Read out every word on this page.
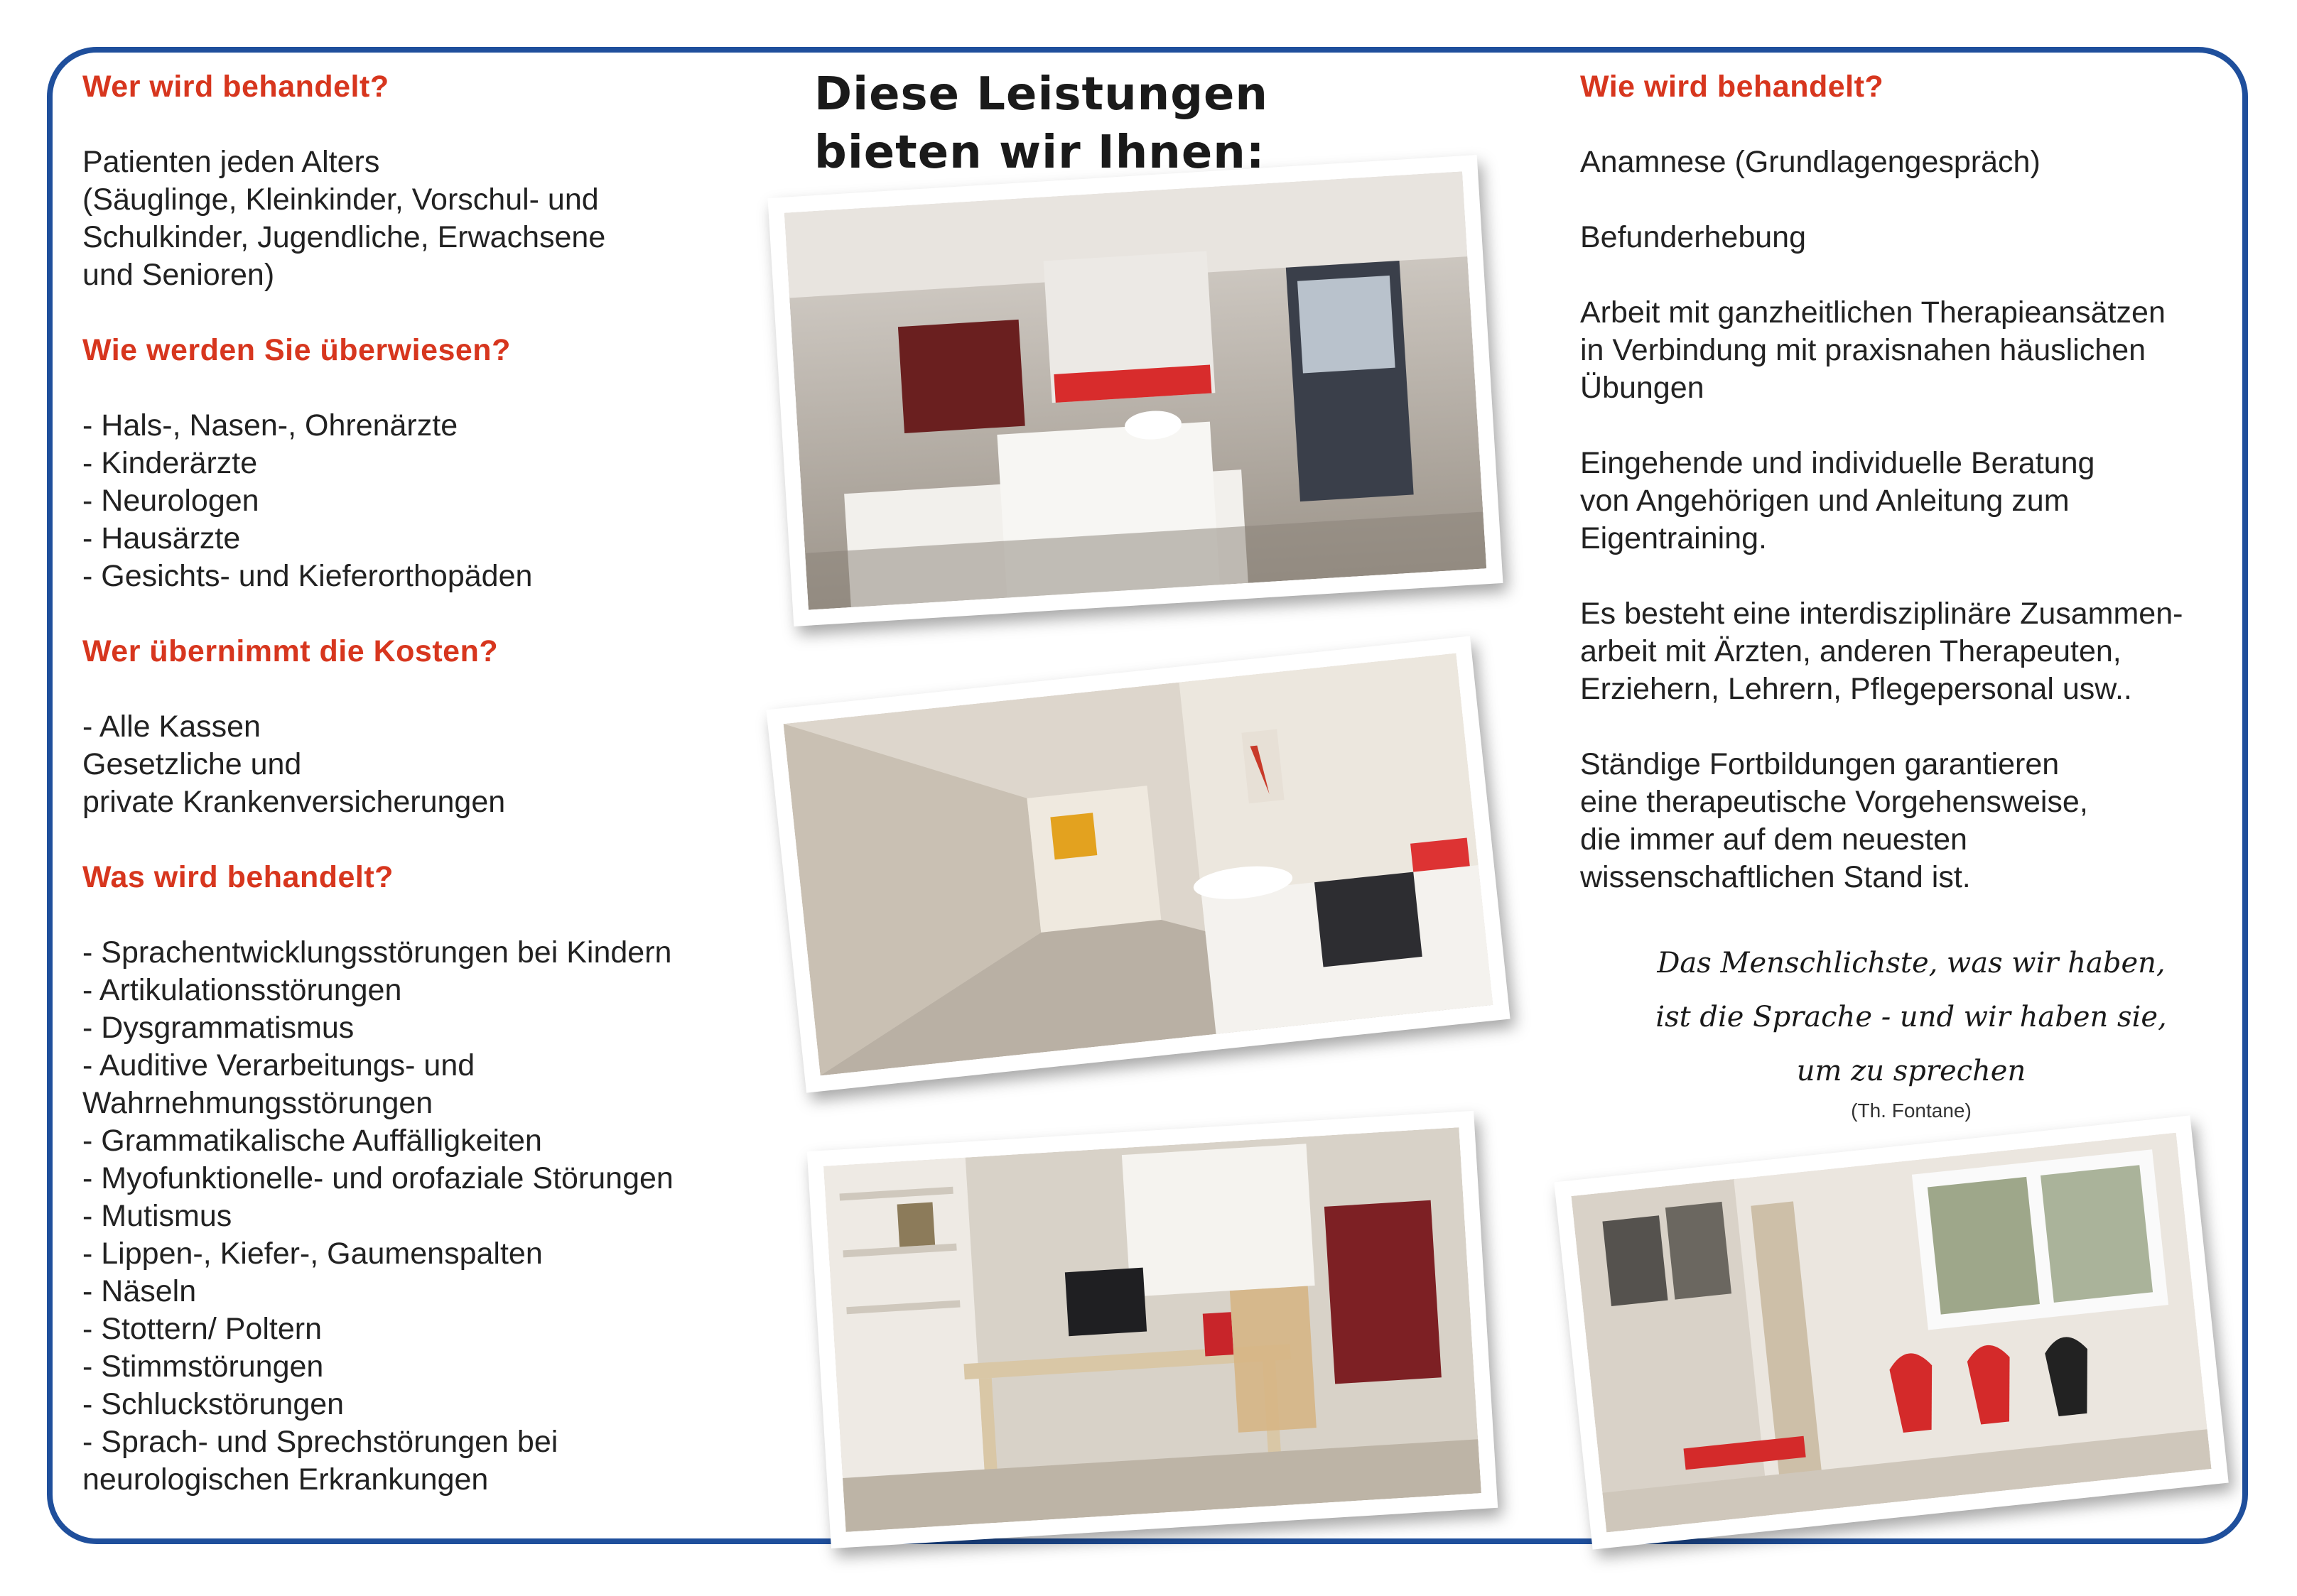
Wer wird behandelt?

Patienten jeden Alters
(Säuglinge, Kleinkinder, Vorschul- und
Schulkinder, Jugendliche, Erwachsene
und Senioren)

Wie werden Sie überwiesen?
- Hals-, Nasen-, Ohrenärzte
- Kinderärzte
- Neurologen
- Hausärzte
- Gesichts- und Kieferorthopäden
Wer übernimmt die Kosten?

- Alle Kassen
Gesetzliche und
private Krankenversicherungen

Was wird behandelt?
- Sprachentwicklungsstörungen bei Kindern
- Artikulationsstörungen
- Dysgrammatismus
- Auditive Verarbeitungs- und
Wahrnehmungsstörungen
- Grammatikalische Auffälligkeiten
- Myofunktionelle- und orofaziale Störungen
- Mutismus
- Lippen-, Kiefer-, Gaumenspalten
- Näseln
- Stottern/ Poltern
- Stimmstörungen
- Schluckstörungen
- Sprach- und Sprechstörungen bei
neurologischen Erkrankungen
Diese Leistungen
bieten wir Ihnen:
Wie wird behandelt?

Anamnese (Grundlagengespräch)

Befunderhebung

Arbeit mit ganzheitlichen Therapieansätzen
in Verbindung mit praxisnahen häuslichen
Übungen

Eingehende und individuelle Beratung
von Angehörigen und Anleitung zum
Eigentraining.

Es besteht eine interdisziplinäre Zusammen-
arbeit mit Ärzten, anderen Therapeuten,
Erziehern, Lehrern, Pflegepersonal usw..

Ständige Fortbildungen garantieren
eine therapeutische Vorgehensweise,
die immer auf dem neuesten
wissenschaftlichen Stand ist.

Das Menschlichste, was wir haben,
ist die Sprache - und wir haben sie,
um zu sprechen
(Th. Fontane)
